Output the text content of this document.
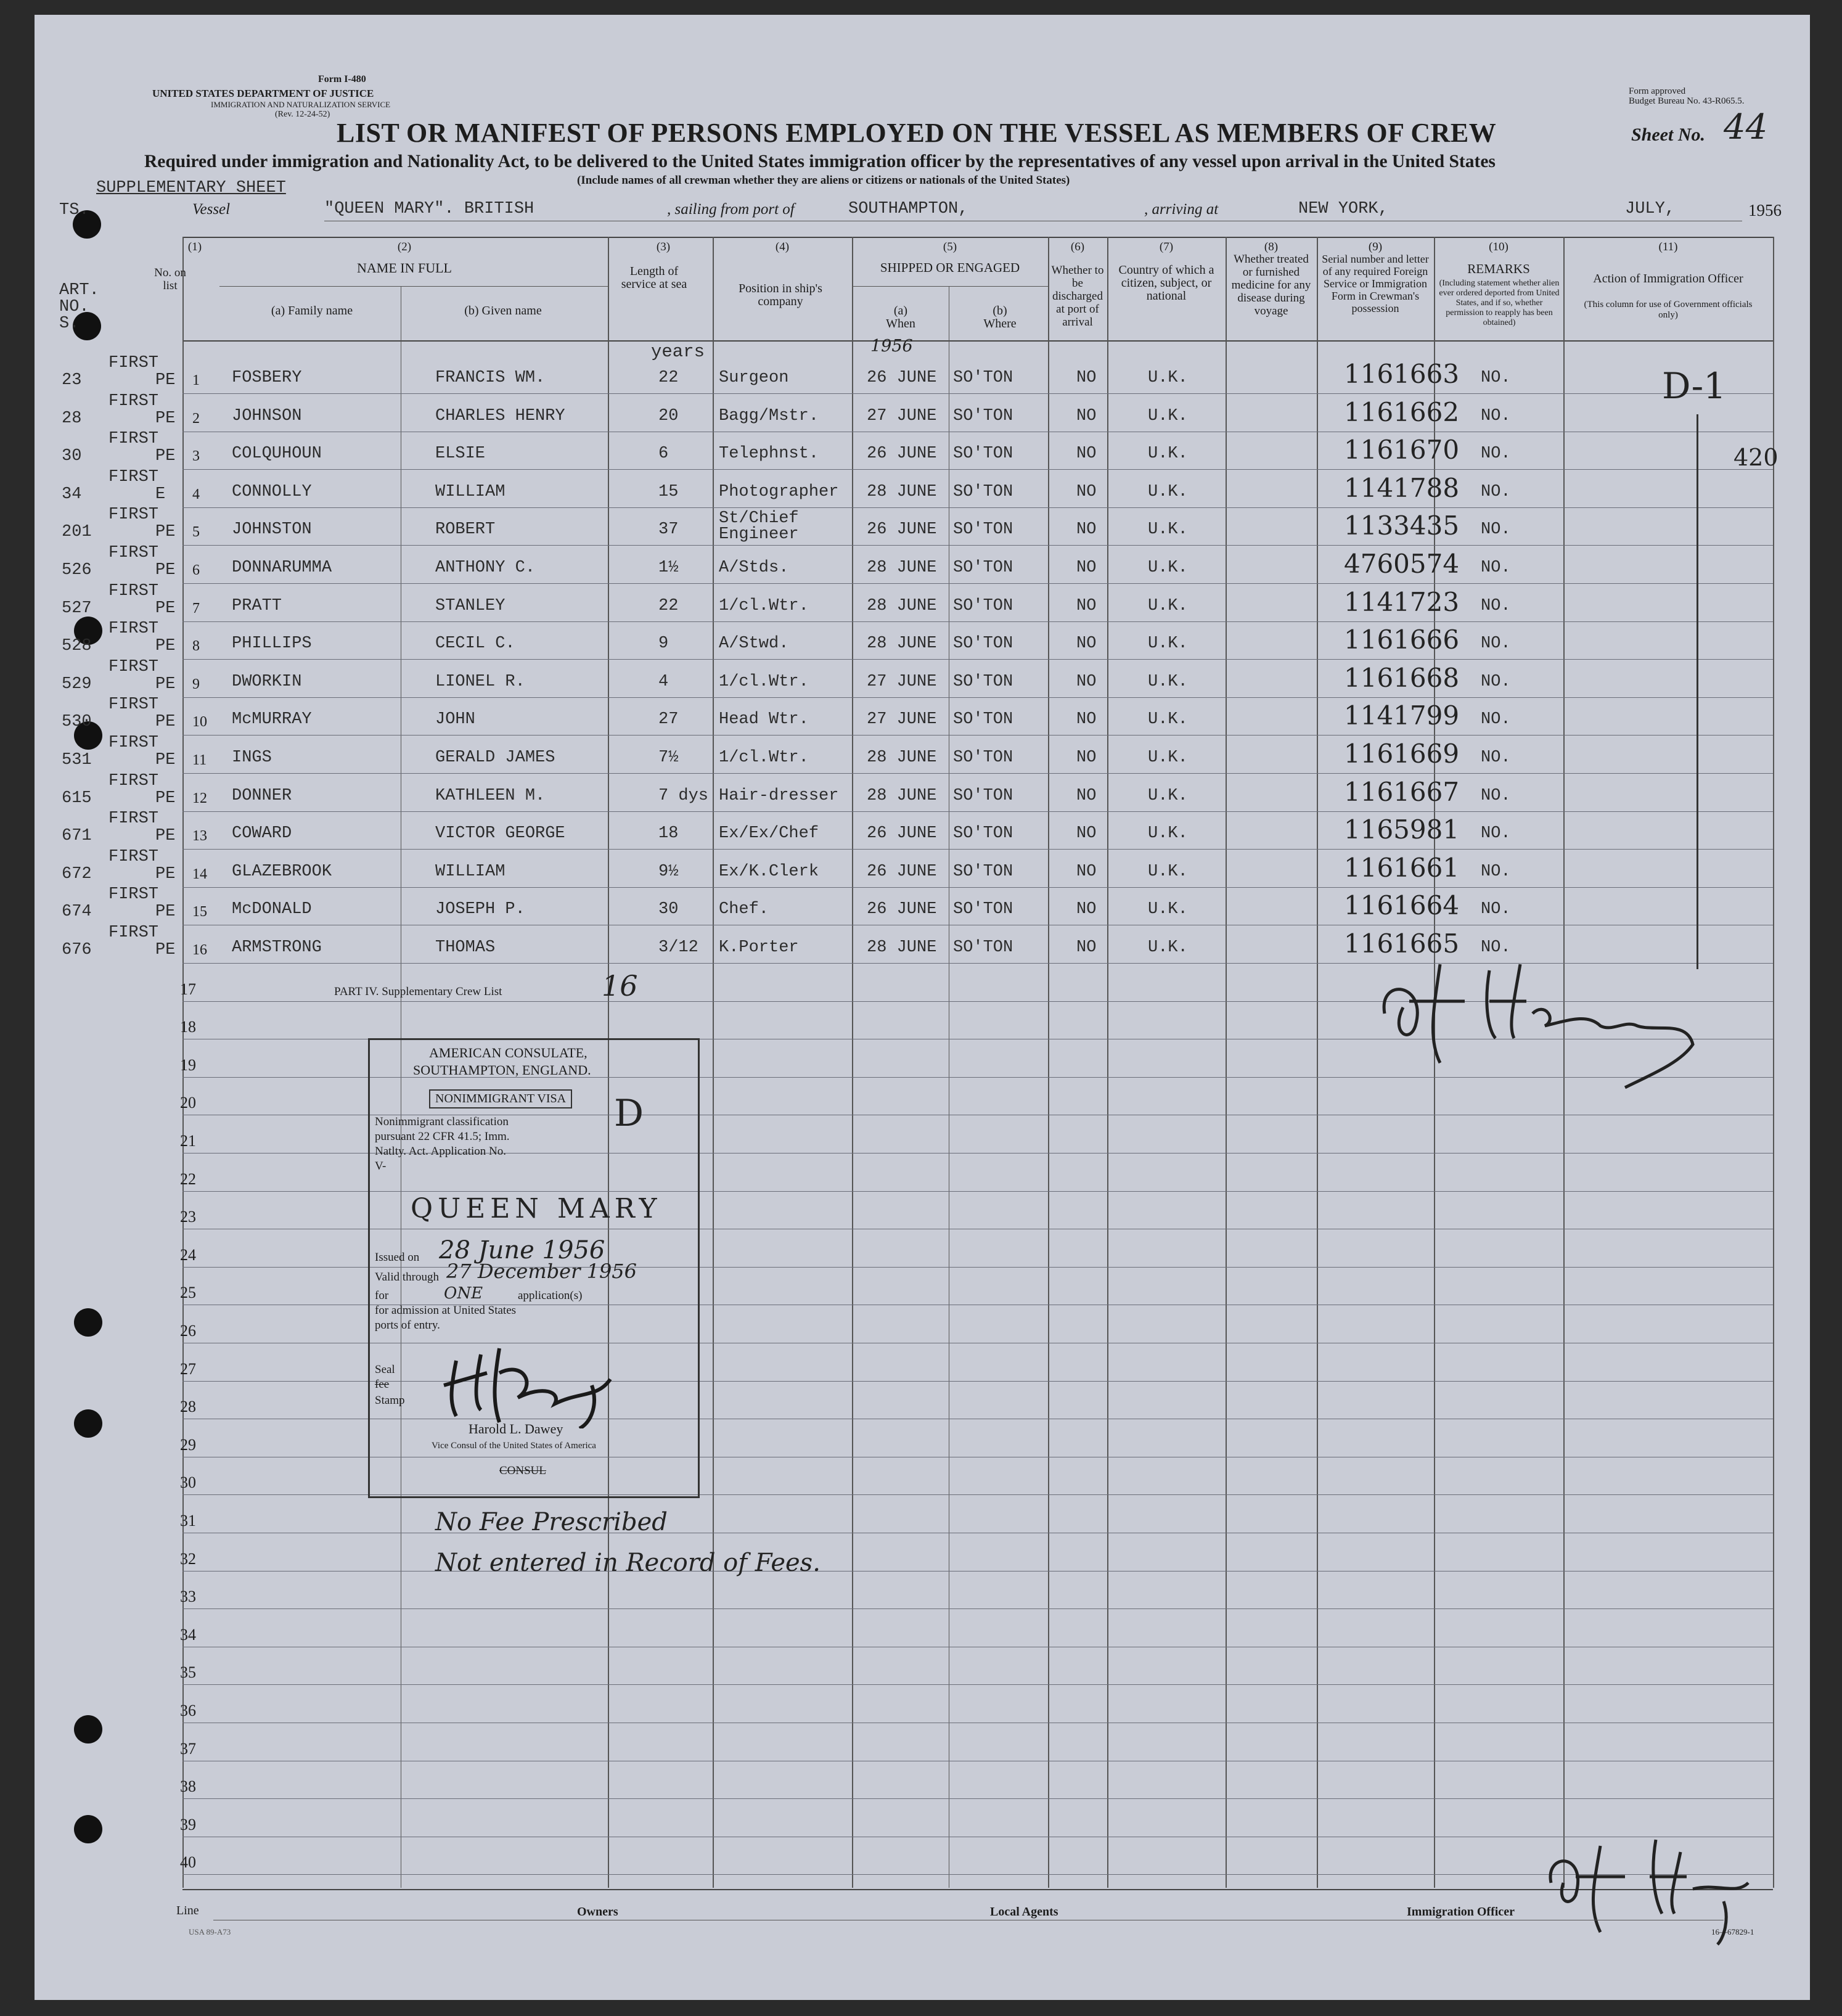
Form I-480
UNITED STATES DEPARTMENT OF JUSTICE
IMMIGRATION AND NATURALIZATION SERVICE
(Rev. 12-24-52)
Form approved
Budget Bureau No. 43-R065.5.
LIST OR MANIFEST OF PERSONS EMPLOYED ON THE VESSEL AS MEMBERS OF CREW	Sheet No. 44
Required under immigration and Nationality Act, to be delivered to the United States immigration officer by the representatives of any vessel upon arrival in the United States
(Include names of all crewman whether they are aliens or citizens or nationals of the United States)
SUPPLEMENTARY SHEET
TS.	Vessel	"QUEEN MARY". BRITISH	, sailing from port of	SOUTHAMPTON,	, arriving at	NEW YORK,	JULY,	1956
(1)
No. on list
(2)
NAME IN FULL
(a) Family name	(b) Given name
(3)
Length of service at sea
(4)
Position in ship's company
(5)
SHIPPED OR ENGAGED
(a) When
(b) Where
(6)
Whether to be discharged at port of arrival
(7)
Country of which a citizen, subject, or national
(8)
Whether treated or furnished medicine for any disease during voyage
(9)
Serial number and letter of any required Foreign Service or Immigration Form in Crewman's possession
(10)
REMARKS
(Including statement whether alien ever ordered deported from United States, and if so, whether permission to reapply has been obtained)
(11)
Action of Immigration Officer
(This column for use of Government officials only)
ART. NO. S.
years	1956
23
FIRST
PE 1 FOSBERY	FRANCIS WM.	22 Surgeon	26 JUNE SO'TON	NO	U.K.	1161663 NO.
28
FIRST
PE 2 JOHNSON	CHARLES HENRY	20 Bagg/Mstr.	27 JUNE SO'TON	NO	U.K.	1161662 NO.
30
FIRST
PE 3 COLQUHOUN	ELSIE	6	Telephnst.	26 JUNE SO'TON	NO	U.K.	1161670 NO.
34
FIRST
E 4 CONNOLLY	WILLIAM	15 Photographer 28 JUNE SO'TON	NO	U.K.	1141788 NO.
201
FIRST
PE 5 JOHNSTON	ROBERT	37
St/Chief Engineer	26 JUNE SO'TON	NO	U.K.	1133435 NO.
526
FIRST
PE 6 DONNARUMMA	ANTHONY C.	1½ A/Stds.	28 JUNE SO'TON	NO	U.K.	4760574 NO.
527
FIRST
PE 7 PRATT	STANLEY	22 1/cl.Wtr.	28 JUNE SO'TON	NO	U.K.	1141723 NO.
528
FIRST
PE 8 PHILLIPS	CECIL C.	9	A/Stwd.	28 JUNE SO'TON	NO	U.K.	1161666 NO.
529
FIRST
PE 9 DWORKIN	LIONEL R.	4	1/cl.Wtr.	27 JUNE SO'TON	NO	U.K.	1161668 NO.
530
FIRST
PE 10 McMURRAY	JOHN	27 Head Wtr.	27 JUNE SO'TON	NO	U.K.	1141799 NO.
531
FIRST
PE 11 INGS	GERALD JAMES	7½ 1/cl.Wtr.	28 JUNE SO'TON	NO	U.K.	1161669 NO.
615
FIRST
PE 12 DONNER	KATHLEEN M.	7 dys Hair-dresser 28 JUNE SO'TON	NO	U.K.	1161667 NO.
671
FIRST
PE 13 COWARD	VICTOR GEORGE	18 Ex/Ex/Chef	26 JUNE SO'TON	NO	U.K.	1165981 NO.
672
FIRST
PE 14 GLAZEBROOK	WILLIAM	9½ Ex/K.Clerk	26 JUNE SO'TON	NO	U.K.	1161661 NO.
674
FIRST
PE 15 McDONALD	JOSEPH P.	30 Chef.	26 JUNE SO'TON	NO	U.K.	1161664 NO.
676
FIRST
PE 16 ARMSTRONG	THOMAS	3/12 K.Porter	28 JUNE SO'TON	NO	U.K.	1161665 NO.
17
18
19
20
21
22
23
24
25
26
27
28
29
30
31
32
33
34
35
36
37
38
39
40
PART IV. Supplementary Crew List	16
D-1
420
AMERICAN CONSULATE,
SOUTHAMPTON, ENGLAND.
NONIMMIGRANT VISA
Nonimmigrant classification
pursuant 22 CFR 41.5; Imm.
Natlty. Act. Application No.
V-
D
QUEEN MARY
Issued on 28 June 1956
Valid through 27 December 1956
for	ONE	application(s)
for admission at United States
ports of entry.
Seal
fee
Stamp
Harold L. Dawey
Vice Consul of the United States of America
CONSUL
No Fee Prescribed
Not entered in Record of Fees.
Line	Owners	Local Agents	Immigration Officer
16—67829-1
USA 89-A73
